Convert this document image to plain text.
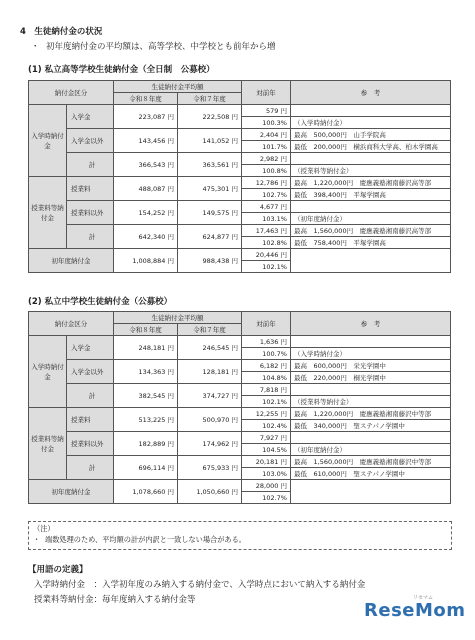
4　生徒納付金の状況
・ 初年度納付金の平均額は、高等学校、中学校とも前年から増
(1) 私立高等学校生徒納付金（全日制　公募校）
納付金区分		生徒納付金平均額		対前年	参　考
		令和８年度	令和７年度		
入学時納付金	入学金	223,087 円	222,508 円	579 円	
				100.3%	（入学時納付金）
	入学金以外	143,456 円	141,052 円	2,404 円	最高　500,000円　山手学院高
				101.7%	最低　200,000円　横浜商科大学高、柏木学園高
	計	366,543 円	363,561 円	2,982 円	
				100.8%	（授業料等納付金）
授業料等納付金	授業料	488,087 円	475,301 円	12,786 円	最高　1,220,000円　慶應義塾湘南藤沢高等部
				102.7%	最低　398,400円　平塚学園高
	授業料以外	154,252 円	149,575 円	4,677 円	
				103.1%	（初年度納付金）
	計	642,340 円	624,877 円	17,463 円	最高　1,560,000円　慶應義塾湘南藤沢高等部
				102.8%	最低　758,400円　平塚学園高
初年度納付金		1,008,884 円	988,438 円	20,446 円	
				102.1%	
(2) 私立中学校生徒納付金（公募校）
納付金区分		生徒納付金平均額		対前年	参　考
		令和８年度	令和７年度		
入学時納付金	入学金	248,181 円	246,545 円	1,636 円	
				100.7%	（入学時納付金）
	入学金以外	134,363 円	128,181 円	6,182 円	最高　600,000円　栄光学園中
				104.8%	最低　220,000円　桐光学園中
	計	382,545 円	374,727 円	7,818 円	
				102.1%	（授業料等納付金）
授業料等納付金	授業料	513,225 円	500,970 円	12,255 円	最高　1,220,000円　慶應義塾湘南藤沢中等部
				102.4%	最低　340,000円　聖ステパノ学園中
	授業料以外	182,889 円	174,962 円	7,927 円	
				104.5%	（初年度納付金）
	計	696,114 円	675,933 円	20,181 円	最高　1,560,000円　慶應義塾湘南藤沢中等部
				103.0%	最低　610,000円　聖ステパノ学園中
初年度納付金		1,078,660 円	1,050,660 円	28,000 円	
				102.7%	
（注）
・ 端数処理のため、平均額の計が内訳と一致しない場合がある。
【用語の定義】
入学時納付金　：入学初年度のみ納入する納付金で、入学時点において納入する納付金
授業料等納付金：毎年度納入する納付金等	リセマム
ReseMom
